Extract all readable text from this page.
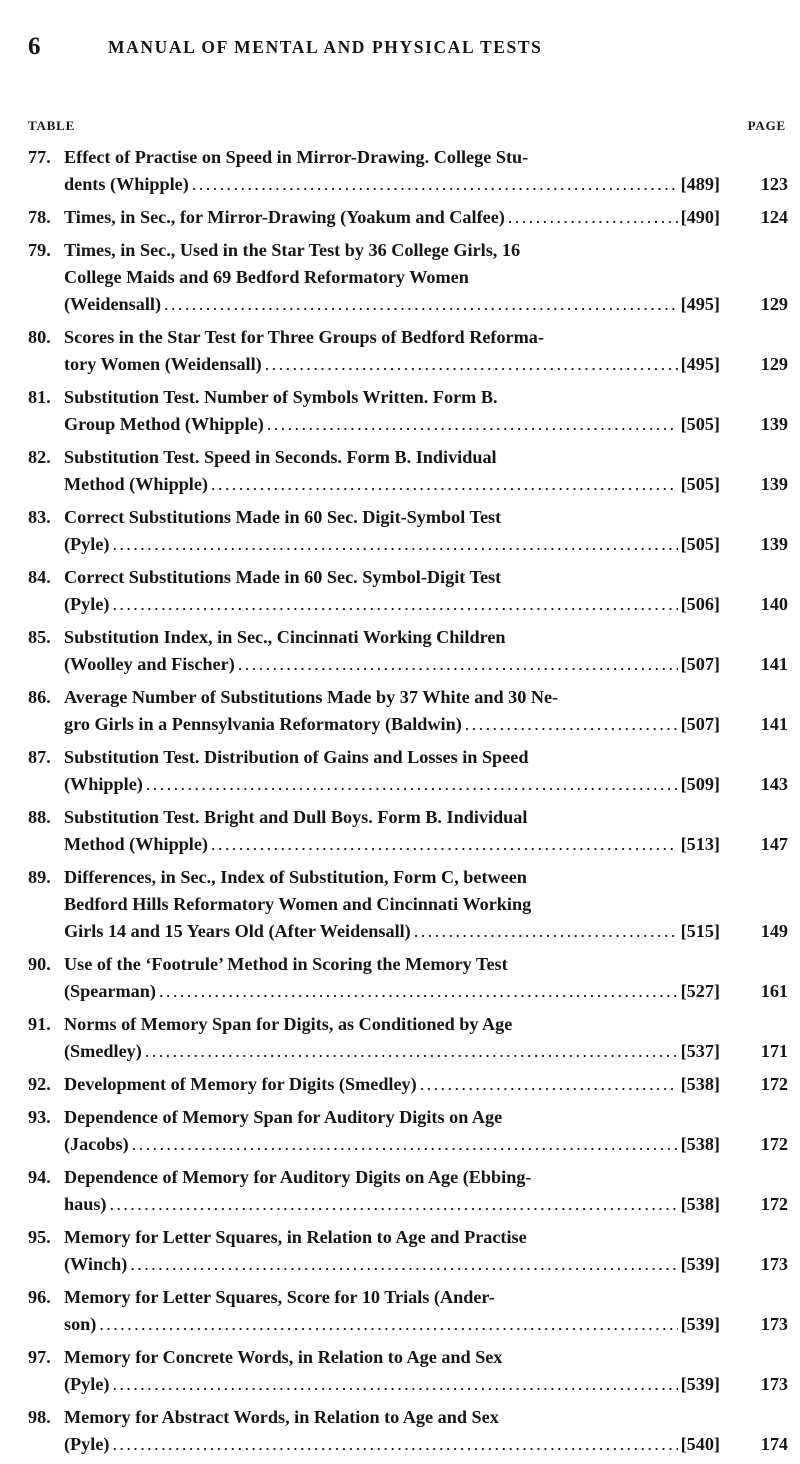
6	MANUAL OF MENTAL AND PHYSICAL TESTS
TABLE	PAGE
77. Effect of Practise on Speed in Mirror-Drawing. College Stu-
dents (Whipple) .....	[489] 123
78. Times, in Sec., for Mirror-Drawing (Yoakum and Calfee) .....	[490] 124
79. Times, in Sec., Used in the Star Test by 36 College Girls, 16
College Maids and 69 Bedford Reformatory Women
(Weidensall) .....	[495] 129
80. Scores in the Star Test for Three Groups of Bedford Reforma-
tory Women (Weidensall) .....	[495] 129
81. Substitution Test. Number of Symbols Written. Form B.
Group Method (Whipple) .....	[505] 139
82. Substitution Test. Speed in Seconds. Form B. Individual
Method (Whipple) .....	[505] 139
83. Correct Substitutions Made in 60 Sec. Digit-Symbol Test
(Pyle) .....	[505] 139
84. Correct Substitutions Made in 60 Sec. Symbol-Digit Test
(Pyle) .....	[506] 140
85. Substitution Index, in Sec., Cincinnati Working Children
(Woolley and Fischer) .....	[507] 141
86. Average Number of Substitutions Made by 37 White and 30 Ne-
gro Girls in a Pennsylvania Reformatory (Baldwin) .....	[507] 141
87. Substitution Test. Distribution of Gains and Losses in Speed
(Whipple) .....	[509] 143
88. Substitution Test. Bright and Dull Boys. Form B. Individual
Method (Whipple) .....	[513] 147
89. Differences, in Sec., Index of Substitution, Form C, between
Bedford Hills Reformatory Women and Cincinnati Working
Girls 14 and 15 Years Old (After Weidensall) .....	[515] 149
90. Use of the ‘Footrule’ Method in Scoring the Memory Test
(Spearman) .....	[527] 161
91. Norms of Memory Span for Digits, as Conditioned by Age
(Smedley) .....	[537] 171
92. Development of Memory for Digits (Smedley) .....	[538] 172
93. Dependence of Memory Span for Auditory Digits on Age
(Jacobs) .....	[538] 172
94. Dependence of Memory for Auditory Digits on Age (Ebbing-
haus) .....	[538] 172
95. Memory for Letter Squares, in Relation to Age and Practise
(Winch) .....	[539] 173
96. Memory for Letter Squares, Score for 10 Trials (Ander-
son) .....	[539] 173
97. Memory for Concrete Words, in Relation to Age and Sex
(Pyle) .....	[539] 173
98. Memory for Abstract Words, in Relation to Age and Sex
(Pyle) .....	[540] 174
